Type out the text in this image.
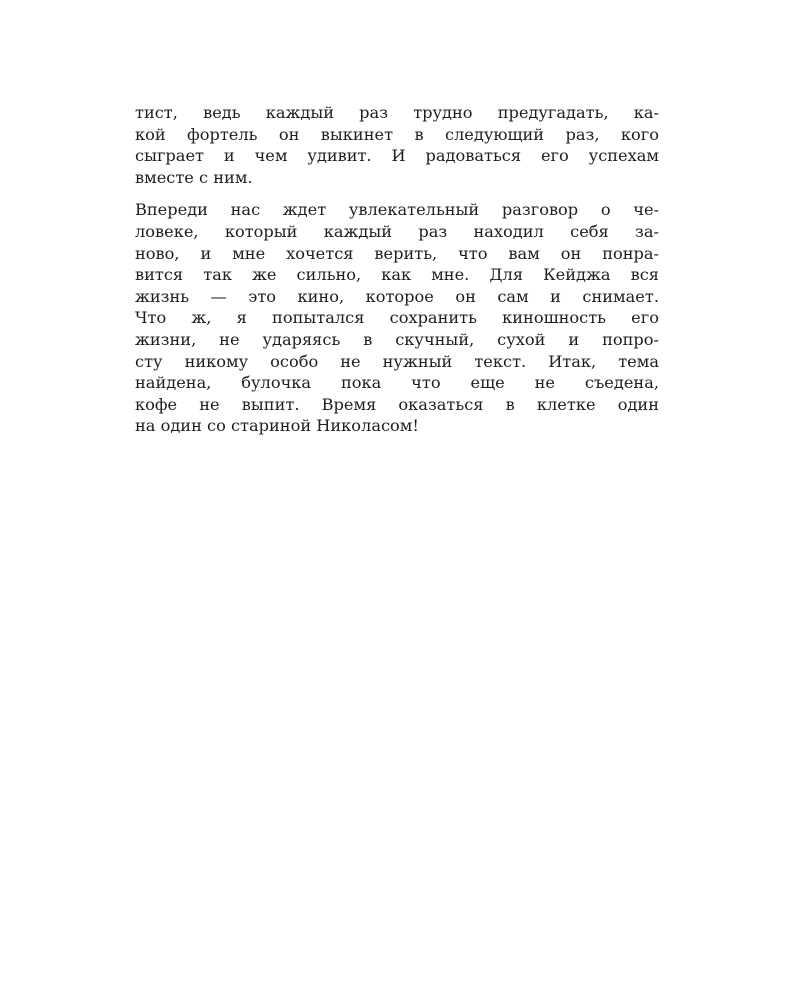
тист, ведь каждый раз трудно предугадать, ка-
кой фортель он выкинет в следующий раз, кого
сыграет и чем удивит. И радоваться его успехам
вместе с ним.
Впереди нас ждет увлекательный разговор о че-
ловеке, который каждый раз находил себя за-
ново, и мне хочется верить, что вам он понра-
вится так же сильно, как мне. Для Кейджа вся
жизнь — это кино, которое он сам и снимает.
Что ж, я попытался сохранить киношность его
жизни, не ударяясь в скучный, сухой и попро-
сту никому особо не нужный текст. Итак, тема
найдена, булочка пока что еще не съедена,
кофе не выпит. Время оказаться в клетке один
на один со стариной Николасом!
